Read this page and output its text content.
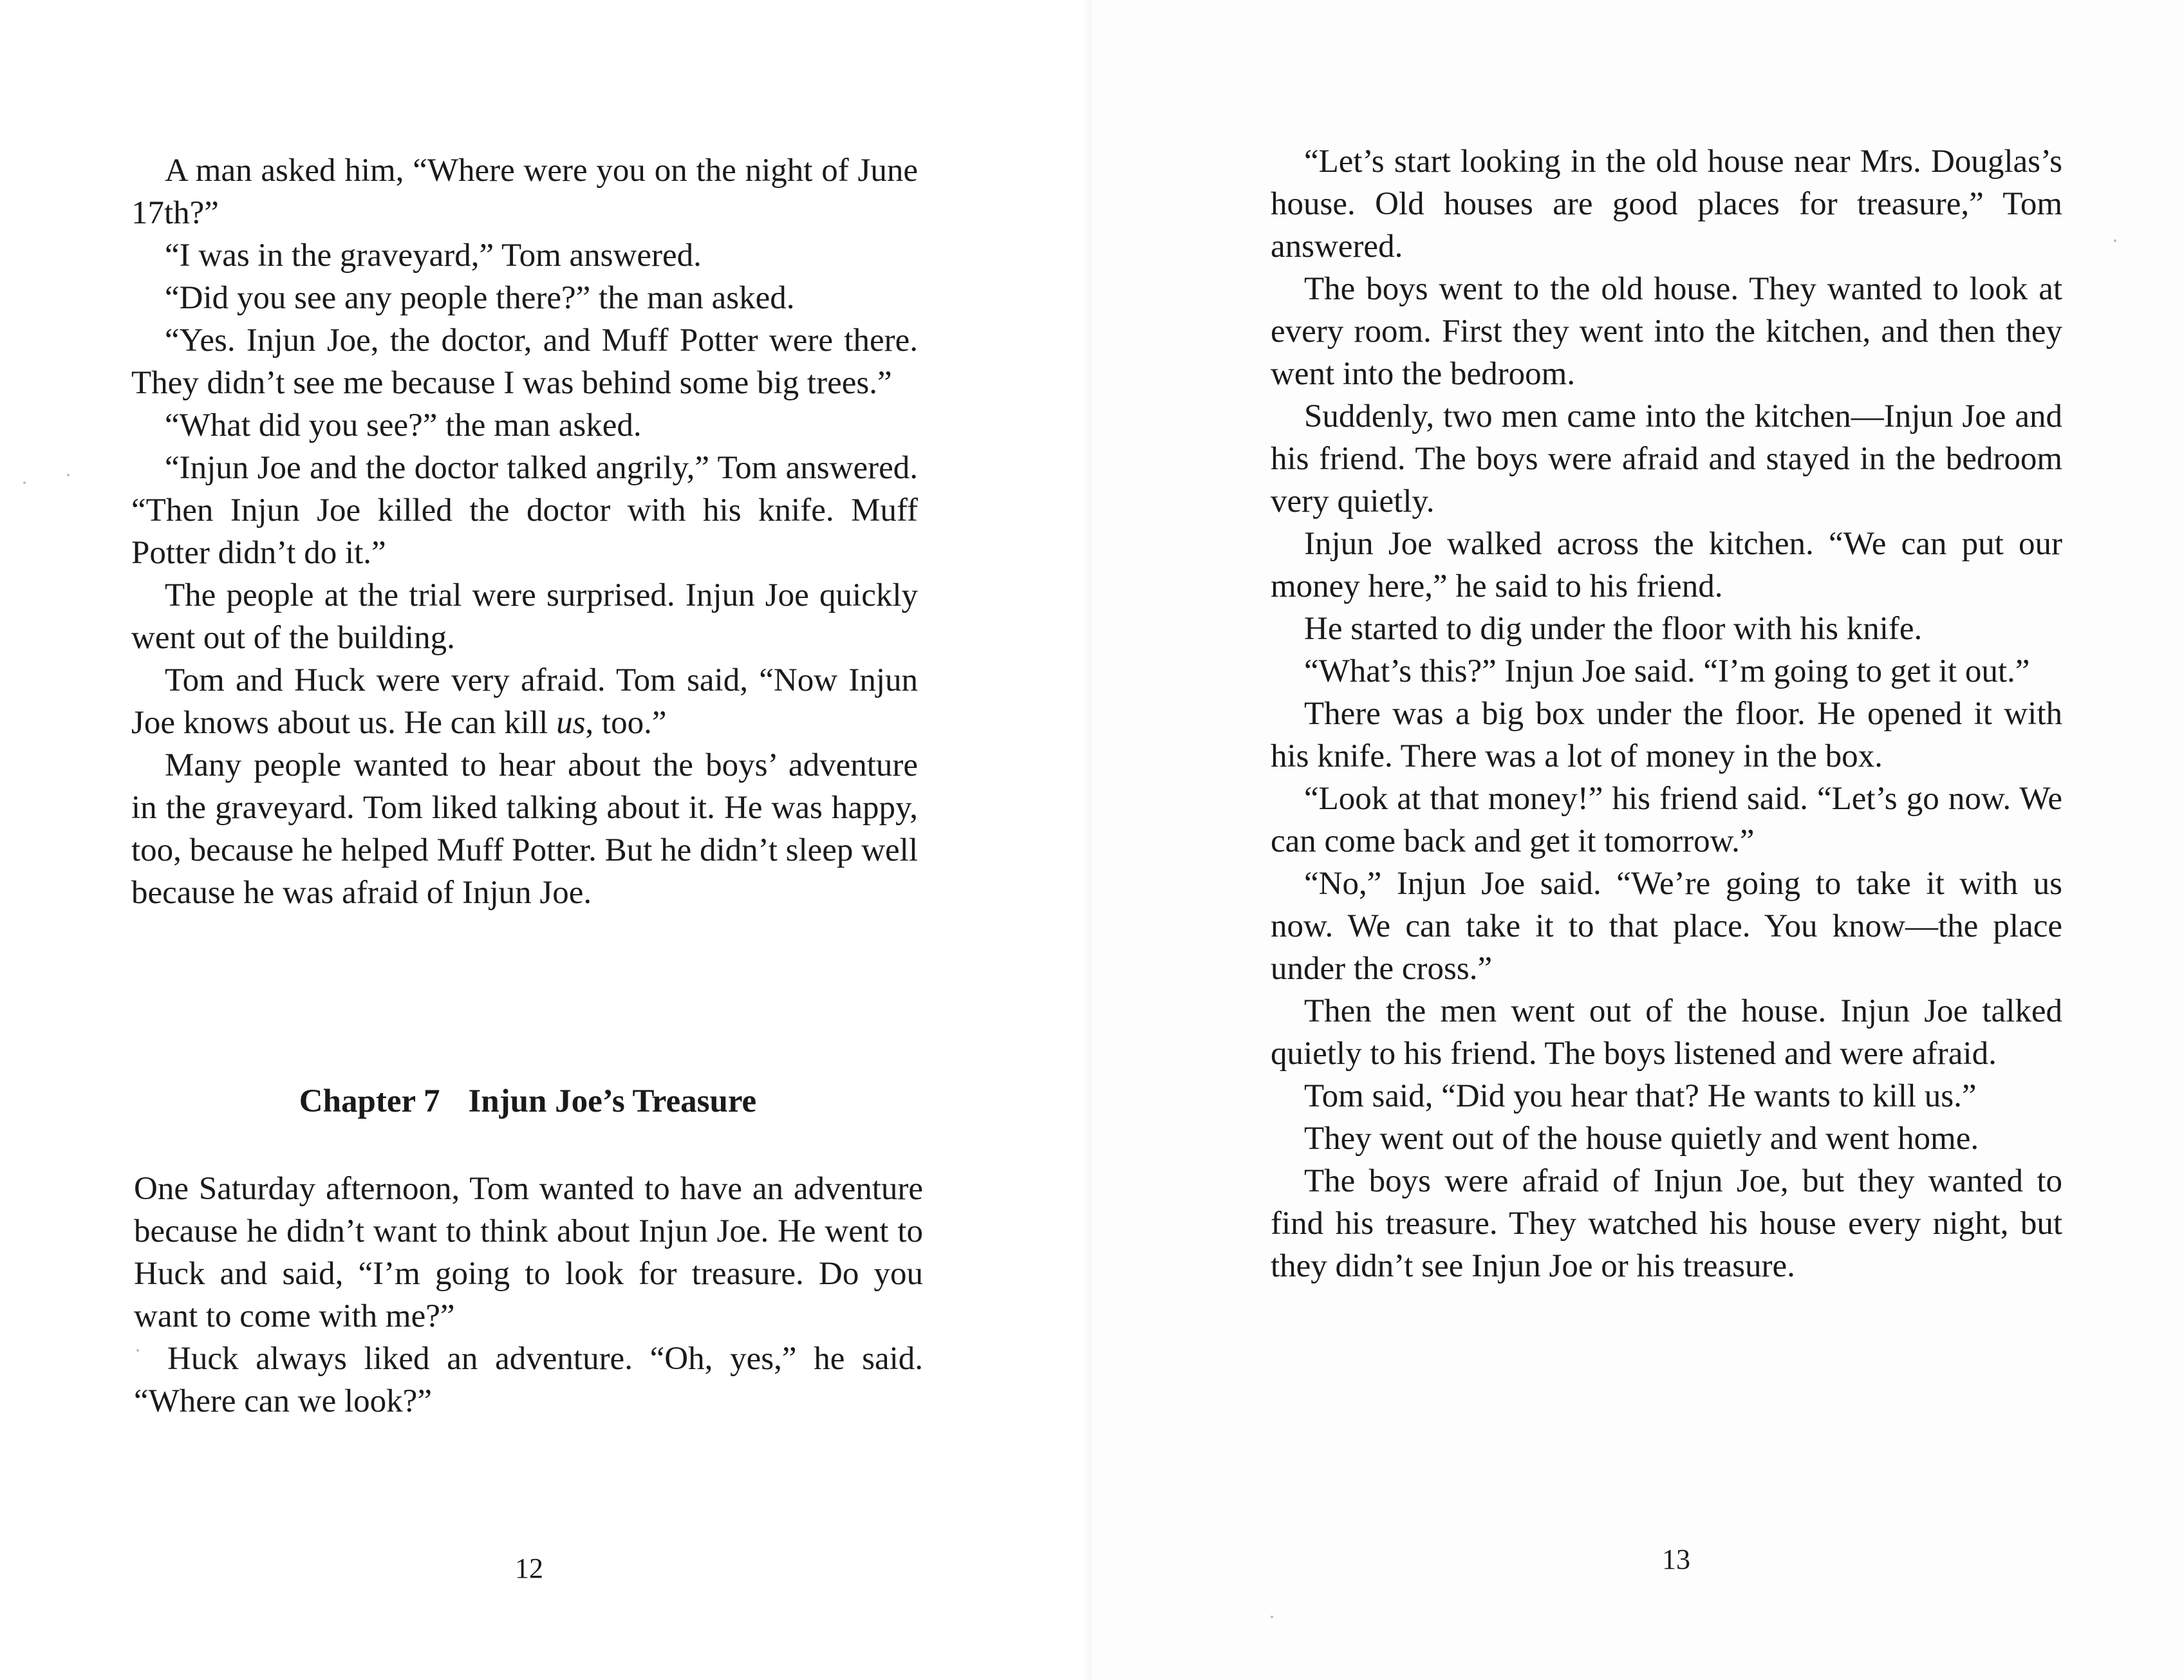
A man asked him, “Where were you on the night of June 17th?”

“I was in the graveyard,” Tom answered.

“Did you see any people there?” the man asked.

“Yes. Injun Joe, the doctor, and Muff Potter were there. They didn’t see me because I was behind some big trees.”

“What did you see?” the man asked.

“Injun Joe and the doctor talked angrily,” Tom answered. “Then Injun Joe killed the doctor with his knife. Muff Potter didn’t do it.”

The people at the trial were surprised. Injun Joe quickly went out of the building.

Tom and Huck were very afraid. Tom said, “Now Injun Joe knows about us. He can kill us, too.”

Many people wanted to hear about the boys’ adventure in the graveyard. Tom liked talking about it. He was happy, too, because he helped Muff Potter. But he didn’t sleep well because he was afraid of Injun Joe.

Chapter 7 Injun Joe’s Treasure

One Saturday afternoon, Tom wanted to have an adventure because he didn’t want to think about Injun Joe. He went to Huck and said, “I’m going to look for treasure. Do you want to come with me?”

Huck always liked an adventure. “Oh, yes,” he said. “Where can we look?”

12

“Let’s start looking in the old house near Mrs. Douglas’s house. Old houses are good places for treasure,” Tom answered.

The boys went to the old house. They wanted to look at every room. First they went into the kitchen, and then they went into the bedroom.

Suddenly, two men came into the kitchen—Injun Joe and his friend. The boys were afraid and stayed in the bedroom very quietly.

Injun Joe walked across the kitchen. “We can put our money here,” he said to his friend.

He started to dig under the floor with his knife.

“What’s this?” Injun Joe said. “I’m going to get it out.”

There was a big box under the floor. He opened it with his knife. There was a lot of money in the box.

“Look at that money!” his friend said. “Let’s go now. We can come back and get it tomorrow.”

“No,” Injun Joe said. “We’re going to take it with us now. We can take it to that place. You know—the place under the cross.”

Then the men went out of the house. Injun Joe talked quietly to his friend. The boys listened and were afraid.

Tom said, “Did you hear that? He wants to kill us.”

They went out of the house quietly and went home.

The boys were afraid of Injun Joe, but they wanted to find his treasure. They watched his house every night, but they didn’t see Injun Joe or his treasure.

13
